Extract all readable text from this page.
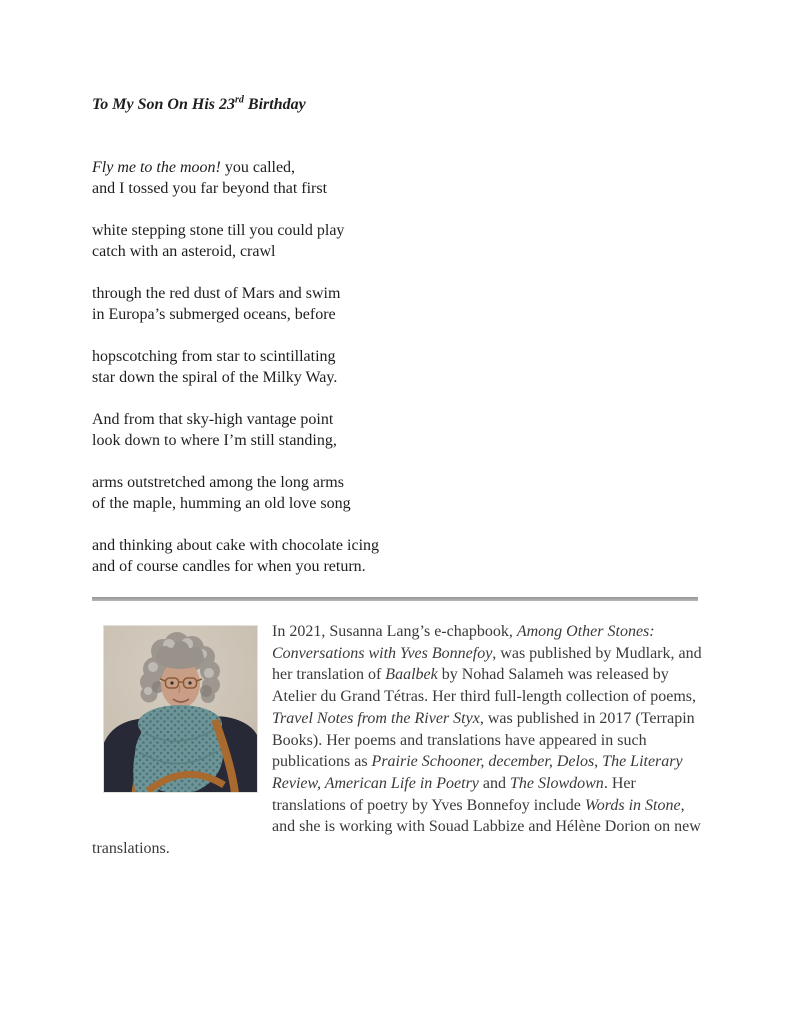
To My Son On His 23rd Birthday
Fly me to the moon! you called,
and I tossed you far beyond that first
white stepping stone till you could play
catch with an asteroid, crawl
through the red dust of Mars and swim
in Europa’s submerged oceans, before
hopscotching from star to scintillating
star down the spiral of the Milky Way.
And from that sky-high vantage point
look down to where I’m still standing,
arms outstretched among the long arms
of the maple, humming an old love song
and thinking about cake with chocolate icing
and of course candles for when you return.

In 2021, Susanna Lang’s e-chapbook, Among Other Stones: Conversations with Yves Bonnefoy, was published by Mudlark, and her translation of Baalbek by Nohad Salameh was released by Atelier du Grand Tétras. Her third full-length collection of poems, Travel Notes from the River Styx, was published in 2017 (Terrapin Books). Her poems and translations have appeared in such publications as Prairie Schooner, december, Delos, The Literary Review, American Life in Poetry and The Slowdown. Her translations of poetry by Yves Bonnefoy include Words in Stone, and she is working with Souad Labbize and Hélène Dorion on new translations.
